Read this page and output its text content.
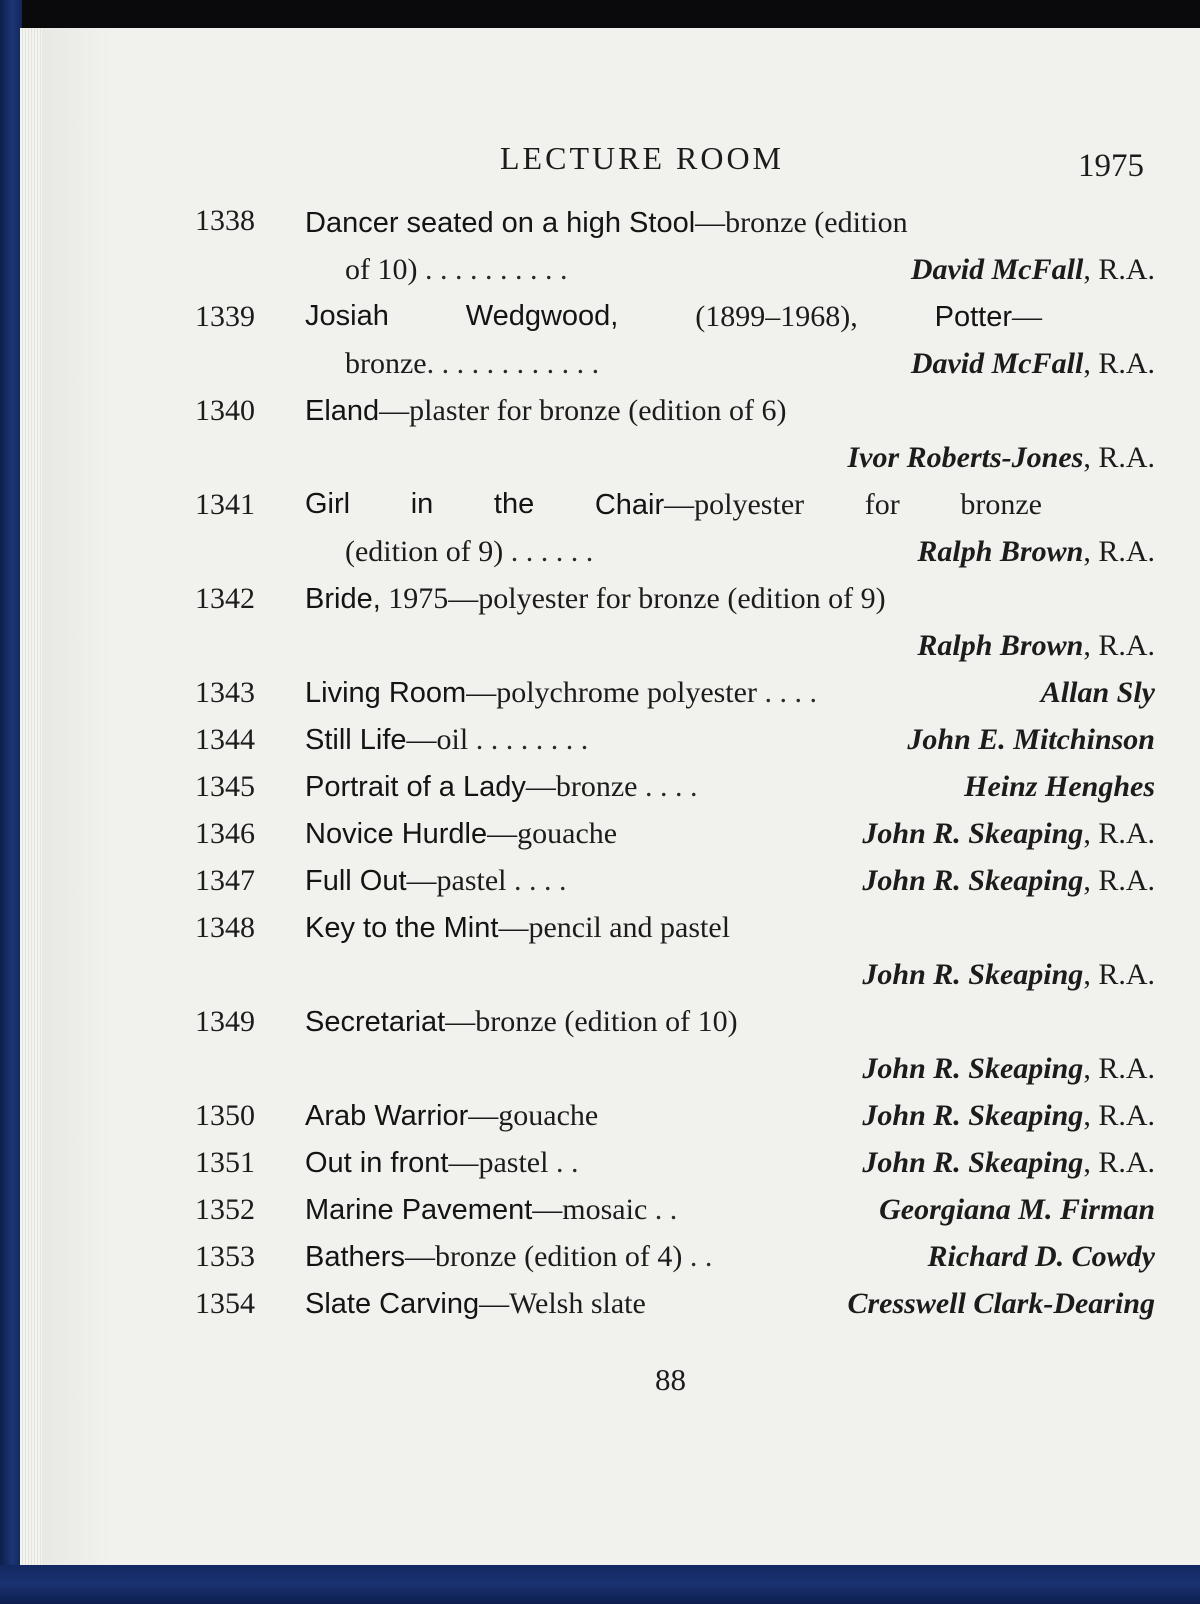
LECTURE ROOM	1975
1338	Dancer seated on a high Stool—bronze (edition
of 10) . . . . . . . . . .	David McFall, R.A.
1339	Josiah	Wedgwood,	(1899–1968),	Potter—
bronze. . . . . . . . . . . .	David McFall, R.A.
1340	Eland—plaster for bronze (edition of 6)
Ivor Roberts-Jones, R.A.
1341	Girl in the Chair—polyester for bronze
(edition of 9) . . . . . .	Ralph Brown, R.A.
1342	Bride, 1975—polyester for bronze (edition of 9)
Ralph Brown, R.A.
1343	Living Room—polychrome polyester . . . .	Allan Sly
1344	Still Life—oil . . . . . . . .	John E. Mitchinson
1345	Portrait of a Lady—bronze . . . .	Heinz Henghes
1346	Novice Hurdle—gouache	John R. Skeaping, R.A.
1347	Full Out—pastel . . . .	John R. Skeaping, R.A.
1348	Key to the Mint—pencil and pastel
John R. Skeaping, R.A.
1349	Secretariat—bronze (edition of 10)
John R. Skeaping, R.A.
1350	Arab Warrior—gouache	John R. Skeaping, R.A.
1351	Out in front—pastel . .	John R. Skeaping, R.A.
1352	Marine Pavement—mosaic . .	Georgiana M. Firman
1353	Bathers—bronze (edition of 4) . .	Richard D. Cowdy
1354	Slate Carving—Welsh slate	Cresswell Clark-Dearing
88
